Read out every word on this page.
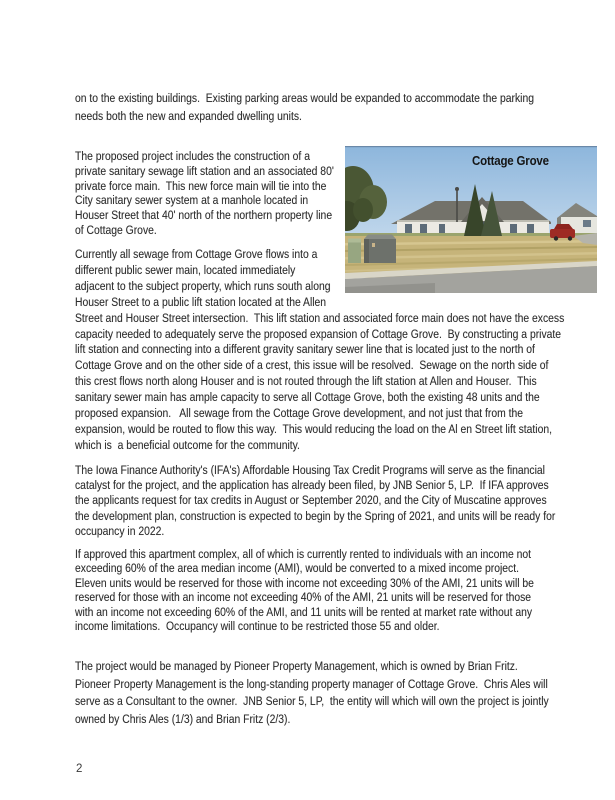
on to the existing buildings.  Existing parking areas would be expanded to accommodate the parking needs both the new and expanded dwelling units.
The proposed project includes the construction of a private sanitary sewage lift station and an associated 80' private force main.  This new force main will tie into the City sanitary sewer system at a manhole located in Houser Street that 40' north of the northern property line of Cottage Grove.
Cottage Grove
Currently all sewage from Cottage Grove flows into a different public sewer main, located immediately adjacent to the subject property, which runs south along Houser Street to a public lift station located at the Allen Street and Houser Street intersection.  This lift station and associated force main does not have the excess capacity needed to adequately serve the proposed expansion of Cottage Grove.  By constructing a private lift station and connecting into a different gravity sanitary sewer line that is located just to the north of Cottage Grove and on the other side of a crest, this issue will be resolved.  Sewage on the north side of this crest flows north along Houser and is not routed through the lift station at Allen and Houser.  This sanitary sewer main has ample capacity to serve all Cottage Grove, both the existing 48 units and the proposed expansion.   All sewage from the Cottage Grove development, and not just that from the expansion, would be routed to flow this way.  This would reducing the load on the Al en Street lift station, which is  a beneficial outcome for the community.
The Iowa Finance Authority's (IFA's) Affordable Housing Tax Credit Programs will serve as the financial catalyst for the project, and the application has already been filed, by JNB Senior 5, LP.  If IFA approves the applicants request for tax credits in August or September 2020, and the City of Muscatine approves the development plan, construction is expected to begin by the Spring of 2021, and units will be ready for occupancy in 2022.
If approved this apartment complex, all of which is currently rented to individuals with an income not exceeding 60% of the area median income (AMI), would be converted to a mixed income project.  Eleven units would be reserved for those with income not exceeding 30% of the AMI, 21 units will be reserved for those with an income not exceeding 40% of the AMI, 21 units will be reserved for those with an income not exceeding 60% of the AMI, and 11 units will be rented at market rate without any income limitations.  Occupancy will continue to be restricted those 55 and older.
The project would be managed by Pioneer Property Management, which is owned by Brian Fritz.  Pioneer Property Management is the long-standing property manager of Cottage Grove.  Chris Ales will serve as a Consultant to the owner.  JNB Senior 5, LP,  the entity will which will own the project is jointly owned by Chris Ales (1/3) and Brian Fritz (2/3).
2
